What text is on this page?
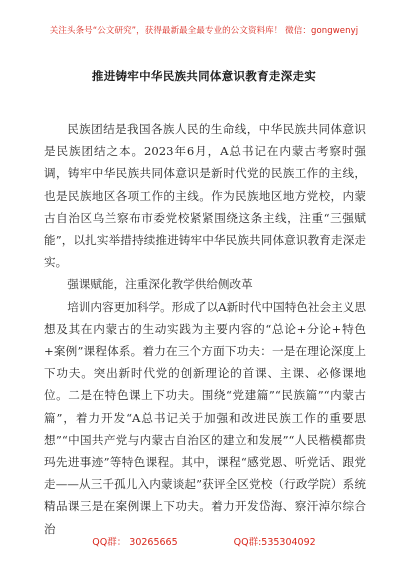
关注头条号“公文研究”，获得最新最全最专业的公文资料库！ 微信：gongwenyj
推进铸牢中华民族共同体意识教育走深走实

民族团结是我国各族人民的生命线，中华民族共同体意识是民族团结之本。2023年6月，A总书记在内蒙古考察时强调，铸牢中华民族共同体意识是新时代党的民族工作的主线，也是民族地区各项工作的主线。作为民族地区地方党校，内蒙古自治区乌兰察布市委党校紧紧围绕这条主线，注重“三强赋能”，以扎实举措持续推进铸牢中华民族共同体意识教育走深走实。

强课赋能，注重深化教学供给侧改革

培训内容更加科学。形成了以A新时代中国特色社会主义思想及其在内蒙古的生动实践为主要内容的“总论+分论+特色+案例”课程体系。着力在三个方面下功夫：一是在理论深度上下功夫。突出新时代党的创新理论的首课、主课、必修课地位。二是在特色课上下功夫。围绕“党建篇”“民族篇”“内蒙古篇”，着力开发“A总书记关于加强和改进民族工作的重要思想”“中国共产党与内蒙古自治区的建立和发展”“人民楷模都贵玛先进事迹”等特色课程。其中，课程“感党恩、听党话、跟党走——从三千孤儿入内蒙谈起”获评全区党校（行政学院）系统精品课三是在案例课上下功夫。着力开发岱海、察汗淖尔综合治

QQ群： 30265665	QQ群:535304092
